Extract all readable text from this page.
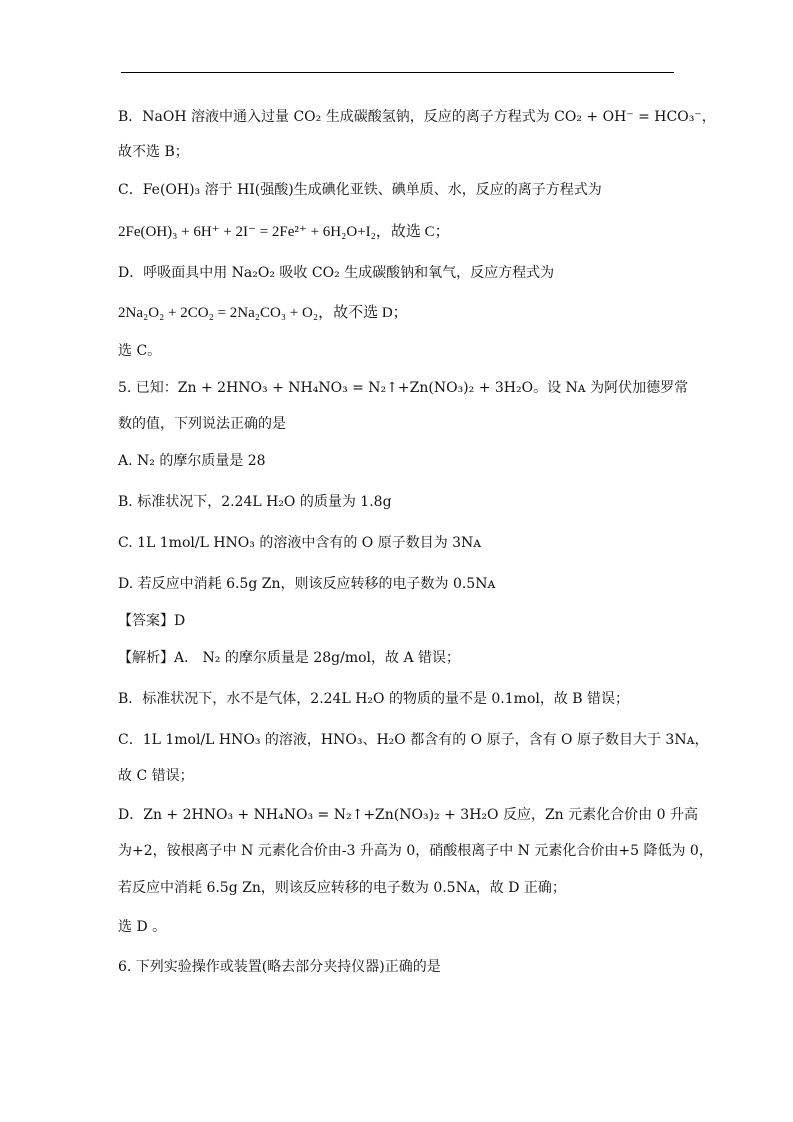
B．NaOH 溶液中通入过量 CO₂ 生成碳酸氢钠，反应的离子方程式为 CO₂ + OH⁻ = HCO₃⁻，
故不选 B；
C．Fe(OH)₃ 溶于 HI(强酸)生成碘化亚铁、碘单质、水，反应的离子方程式为
2Fe(OH)₃ + 6H⁺ + 2I⁻ = 2Fe²⁺ + 6H₂O+I₂，故选 C；
D．呼吸面具中用 Na₂O₂ 吸收 CO₂ 生成碳酸钠和氧气，反应方程式为
2Na₂O₂ + 2CO₂ = 2Na₂CO₃ + O₂，故不选 D；
选 C。
5. 已知：Zn + 2HNO₃ + NH₄NO₃ = N₂↑+Zn(NO₃)₂ + 3H₂O。设 Nᴀ 为阿伏加德罗常
数的值，下列说法正确的是
A. N₂ 的摩尔质量是 28
B. 标准状况下，2.24L H₂O 的质量为 1.8g
C. 1L 1mol/L HNO₃ 的溶液中含有的 O 原子数目为 3Nᴀ
D. 若反应中消耗 6.5g Zn，则该反应转移的电子数为 0.5Nᴀ
【答案】D
【解析】A． N₂ 的摩尔质量是 28g/mol，故 A 错误；
B．标准状况下，水不是气体，2.24L H₂O 的物质的量不是 0.1mol，故 B 错误；
C．1L 1mol/L HNO₃ 的溶液，HNO₃、H₂O 都含有的 O 原子，含有 O 原子数目大于 3Nᴀ，
故 C 错误；
D．Zn + 2HNO₃ + NH₄NO₃ = N₂↑+Zn(NO₃)₂ + 3H₂O 反应，Zn 元素化合价由 0 升高
为+2，铵根离子中 N 元素化合价由-3 升高为 0，硝酸根离子中 N 元素化合价由+5 降低为 0，
若反应中消耗 6.5g Zn，则该反应转移的电子数为 0.5Nᴀ，故 D 正确；
选 D 。
6. 下列实验操作或装置(略去部分夹持仪器)正确的是
